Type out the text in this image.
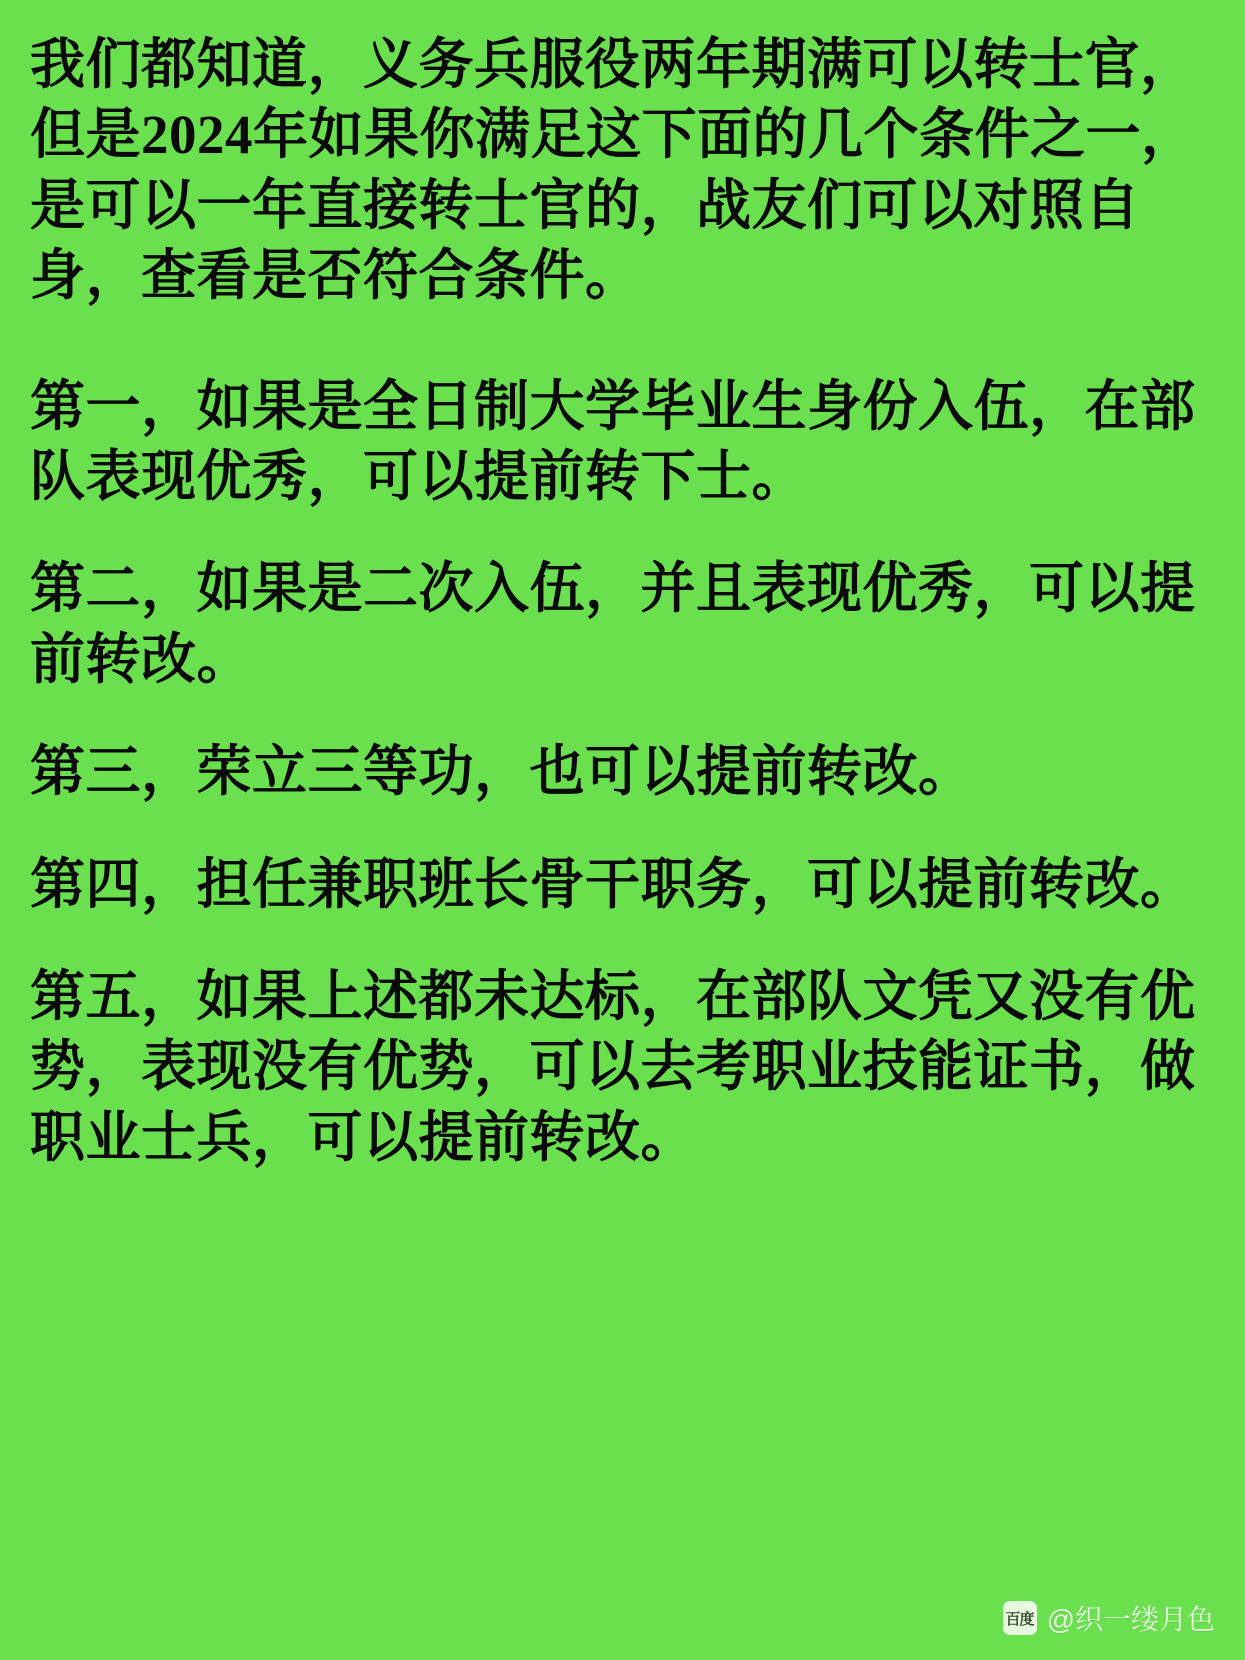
我们都知道，义务兵服役两年期满可以转士官，但是2024年如果你满足这下面的几个条件之一，是可以一年直接转士官的，战友们可以对照自身，查看是否符合条件。

第一，如果是全日制大学毕业生身份入伍，在部队表现优秀，可以提前转下士。

第二，如果是二次入伍，并且表现优秀，可以提前转改。

第三，荣立三等功，也可以提前转改。

第四，担任兼职班长骨干职务，可以提前转改。

第五，如果上述都未达标，在部队文凭又没有优势，表现没有优势，可以去考职业技能证书，做职业士兵，可以提前转改。

百度 @织一缕月色
